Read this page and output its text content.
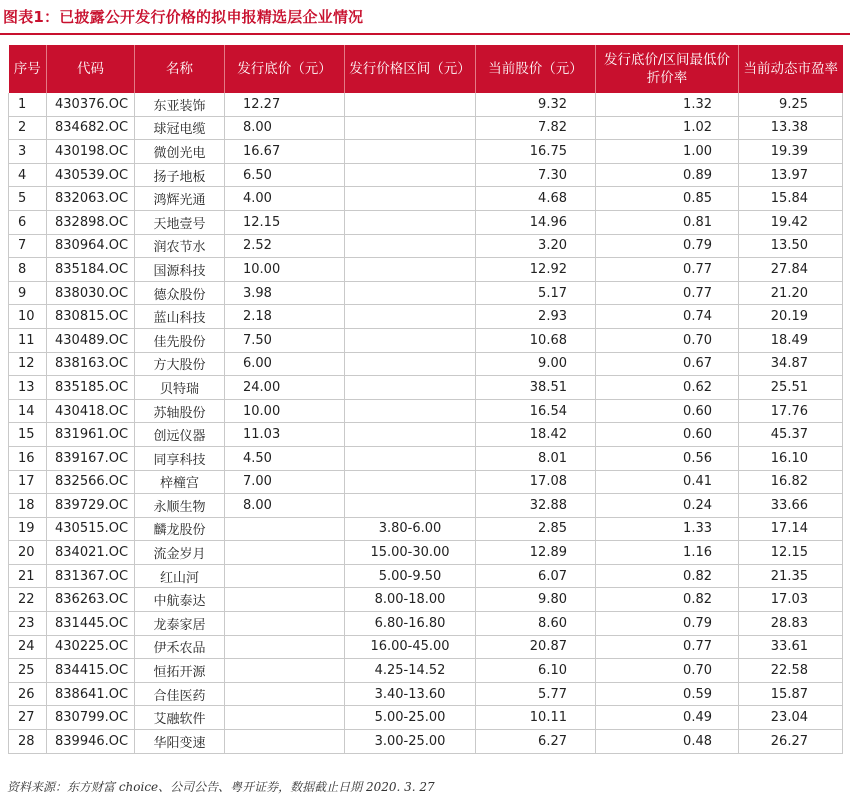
图表1：已披露公开发行价格的拟申报精选层企业情况
序号	代码	名称	发行底价（元）	发行价格区间（元）	当前股价（元）	发行底价/区间最低价折价率	当前动态市盈率
1	430376.OC	东亚装饰	12.27		9.32	1.32	9.25
2	834682.OC	球冠电缆	8.00		7.82	1.02	13.38
3	430198.OC	微创光电	16.67		16.75	1.00	19.39
4	430539.OC	扬子地板	6.50		7.30	0.89	13.97
5	832063.OC	鸿辉光通	4.00		4.68	0.85	15.84
6	832898.OC	天地壹号	12.15		14.96	0.81	19.42
7	830964.OC	润农节水	2.52		3.20	0.79	13.50
8	835184.OC	国源科技	10.00		12.92	0.77	27.84
9	838030.OC	德众股份	3.98		5.17	0.77	21.20
10	830815.OC	蓝山科技	2.18		2.93	0.74	20.19
11	430489.OC	佳先股份	7.50		10.68	0.70	18.49
12	838163.OC	方大股份	6.00		9.00	0.67	34.87
13	835185.OC	贝特瑞	24.00		38.51	0.62	25.51
14	430418.OC	苏轴股份	10.00		16.54	0.60	17.76
15	831961.OC	创远仪器	11.03		18.42	0.60	45.37
16	839167.OC	同享科技	4.50		8.01	0.56	16.10
17	832566.OC	梓橦宫	7.00		17.08	0.41	16.82
18	839729.OC	永顺生物	8.00		32.88	0.24	33.66
19	430515.OC	麟龙股份		3.80-6.00	2.85	1.33	17.14
20	834021.OC	流金岁月		15.00-30.00	12.89	1.16	12.15
21	831367.OC	红山河		5.00-9.50	6.07	0.82	21.35
22	836263.OC	中航泰达		8.00-18.00	9.80	0.82	17.03
23	831445.OC	龙泰家居		6.80-16.80	8.60	0.79	28.83
24	430225.OC	伊禾农品		16.00-45.00	20.87	0.77	33.61
25	834415.OC	恒拓开源		4.25-14.52	6.10	0.70	22.58
26	838641.OC	合佳医药		3.40-13.60	5.77	0.59	15.87
27	830799.OC	艾融软件		5.00-25.00	10.11	0.49	23.04
28	839946.OC	华阳变速		3.00-25.00	6.27	0.48	26.27
资料来源：东方财富 choice、公司公告、粤开证券，数据截止日期 2020. 3. 27
